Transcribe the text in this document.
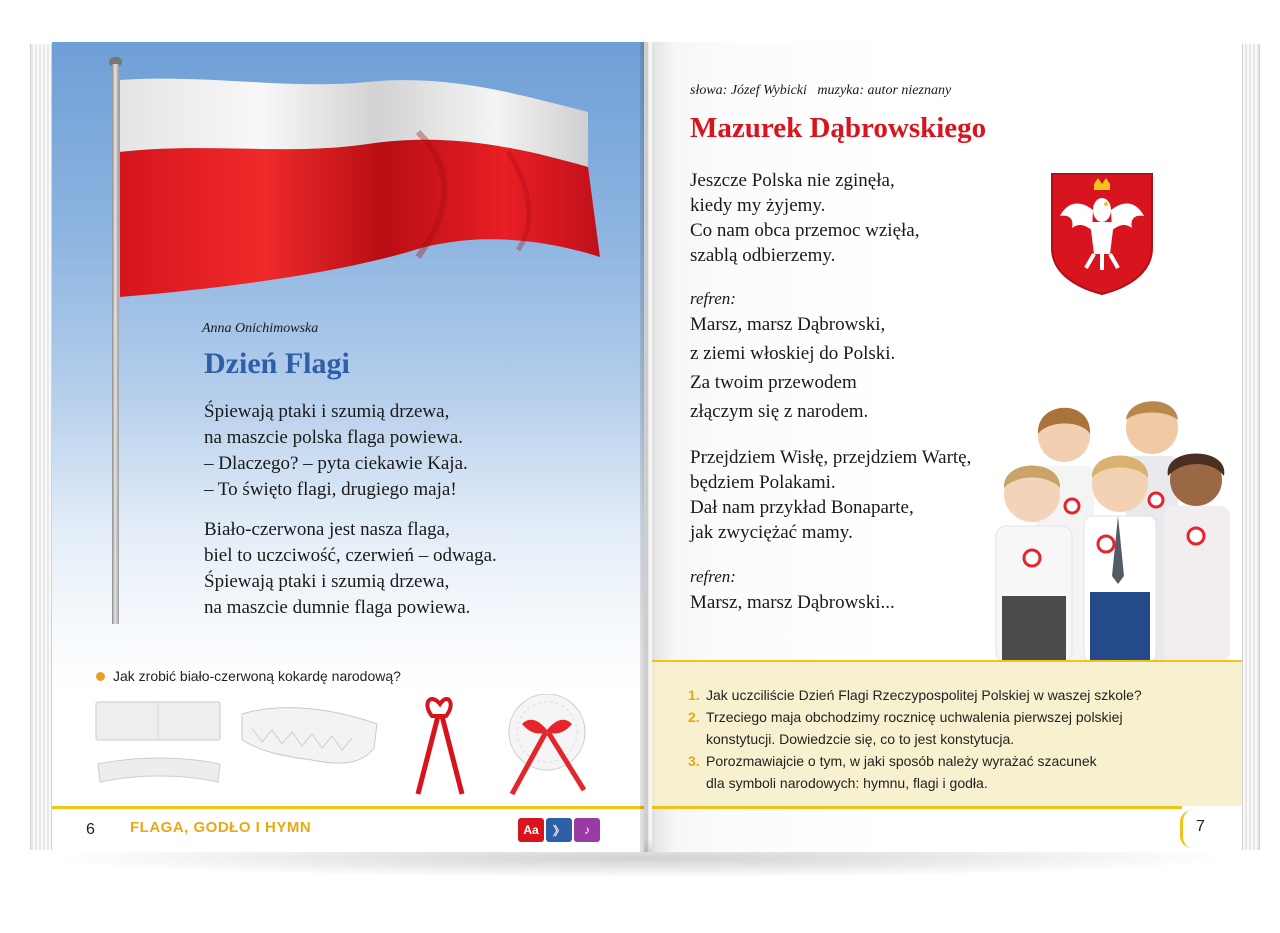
Anna Onichimowska
Dzień Flagi
Śpiewają ptaki i szumią drzewa,
na maszcie polska flaga powiewa.
– Dlaczego? – pyta ciekawie Kaja.
– To święto flagi, drugiego maja!
Biało-czerwona jest nasza flaga,
biel to uczciwość, czerwień – odwaga.
Śpiewają ptaki i szumią drzewa,
na maszcie dumnie flaga powiewa.
Jak zrobić biało-czerwoną kokardę narodową?
6 FLAGA, GODŁO I HYMN	Aa	》	♪
słowa: Józef Wybicki   muzyka: autor nieznany
Mazurek Dąbrowskiego
Jeszcze Polska nie zginęła,
kiedy my żyjemy.
Co nam obca przemoc wzięła,
szablą odbierzemy.
refren:
Marsz, marsz Dąbrowski,
z ziemi włoskiej do Polski.
Za twoim przewodem
złączym się z narodem.
Przejdziem Wisłę, przejdziem Wartę,
będziem Polakami.
Dał nam przykład Bonaparte,
jak zwyciężać mamy.
refren:
Marsz, marsz Dąbrowski...
1. Jak uczciliście Dzień Flagi Rzeczypospolitej Polskiej w waszej szkole?
2. Trzeciego maja obchodzimy rocznicę uchwalenia pierwszej polskiej
konstytucji. Dowiedzcie się, co to jest konstytucja.
3. Porozmawiajcie o tym, w jaki sposób należy wyrażać szacunek
dla symboli narodowych: hymnu, flagi i godła.
7
